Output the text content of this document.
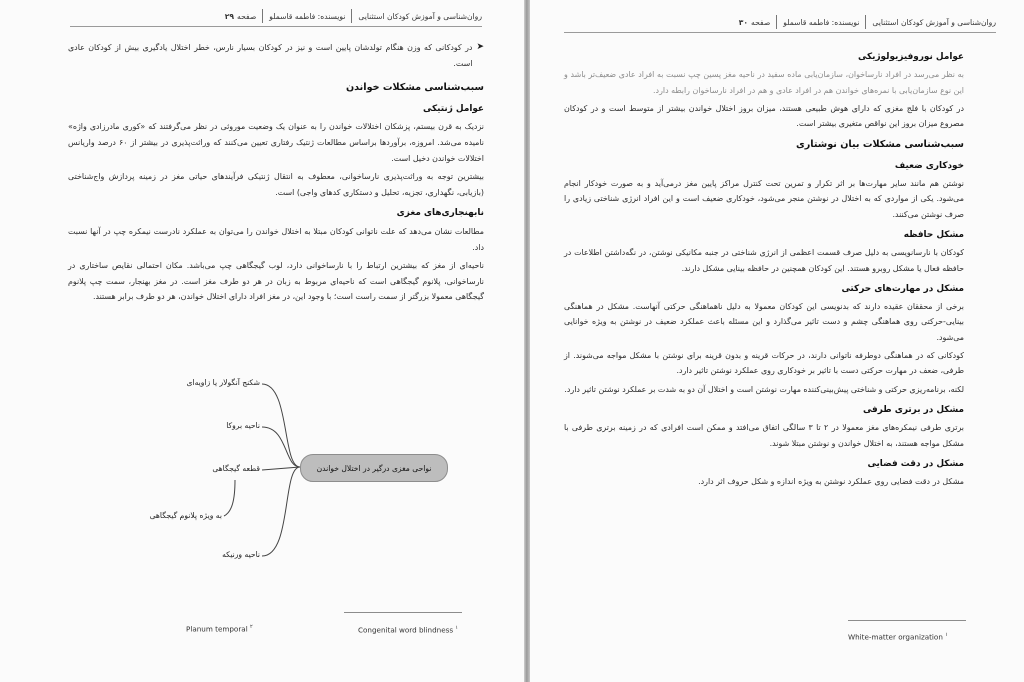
روان‌شناسی و آموزش کودکان استثنایی
نویسنده: فاطمه قاسملو
صفحه
۲۹
➤

در کودکانی که وزن هنگام تولدشان پایین است و نیز در کودکان بسیار نارس، خطر اختلال یادگیری بیش از کودکان عادی است.

سبب‌شناسی مشکلات خواندن
عوامل ژنتیکی

نزدیک به قرن بیستم، پزشکان اختلالات خواندن را به عنوان یک وضعیت موروثی در نظر می‌گرفتند که «کوری مادرزادی واژه» نامیده می‌شد. امروزه، برآوردها براساس مطالعات ژنتیک رفتاری تعیین می‌کنند که وراثت‌پذیری در بیشتر از ۶۰ درصد واریانس اختلالات خواندن دخیل است.

بیشترین توجه به وراثت‌پذیری نارساخوانی، معطوف به انتقال ژنتیکی فرآیندهای حیاتی مغز در زمینه پردازش واج‌شناختی (بازیابی، نگهداری، تجزیه، تحلیل و دستکاری کدهای واجی) است.

نابهنجاری‌های مغزی

مطالعات نشان می‌دهد که علت ناتوانی کودکان مبتلا به اختلال خواندن را می‌توان به عملکرد نادرست نیمکره چپ در آنها نسبت داد.

ناحیه‌ای از مغز که بیشترین ارتباط را با نارساخوانی دارد، لوب گیجگاهی چپ می‌باشد. مکان احتمالی نقایص ساختاری در نارساخوانی، پلانوم گیجگاهی است که ناحیه‌ای مربوط به زبان در هر دو طرف مغز است. در مغز بهنجار، سمت چپ پلانوم گیجگاهی معمولا بزرگتر از سمت راست است؛ با وجود این، در مغز افراد دارای اختلال خواندن، هر دو طرف برابر هستند.

نواحی مغزی درگیر در اختلال خواندن
شکنج آنگولار یا زاویه‌ای
ناحیه بروکا
قطعه گیجگاهی
به ویژه پلانوم گیجگاهی
ناحیه ورنیکه
Congenital word blindness $^۱$
Planum temporal $^۲$
روان‌شناسی و آموزش کودکان استثنایی
نویسنده: فاطمه قاسملو
صفحه
۳۰
عوامل نوروفیزیولوژیکی

به نظر می‌رسد در افراد نارساخوان، سازمان‌یابی ماده سفید در ناحیه مغز پسین چپ نسبت به افراد عادی ضعیف‌تر باشد و این نوع سازمان‌یابی با نمره‌های خواندن هم در افراد عادی و هم در افراد نارساخوان رابطه دارد.

در کودکان با فلج مغزی که دارای هوش طبیعی هستند، میزان بروز اختلال خواندن بیشتر از متوسط است و در کودکان مصروع میزان بروز این نواقص متغیری بیشتر است.

سبب‌شناسی مشکلات بیان نوشتاری
خودکاری ضعیف

نوشتن هم مانند سایر مهارت‌ها بر اثر تکرار و تمرین تحت کنترل مراکز پایین مغز درمی‌آید و به صورت خودکار انجام می‌شود. یکی از مواردی که به اختلال در نوشتن منجر می‌شود، خودکاری ضعیف است و این افراد انرژی شناختی زیادی را صرف نوشتن می‌کنند.

مشکل حافظه

کودکان با نارسانویسی به دلیل صرف قسمت اعظمی از انرژی شناختی در جنبه مکانیکی نوشتن، در نگه‌داشتن اطلاعات در حافظه فعال یا مشکل روبرو هستند. این کودکان همچنین در حافظه بینایی مشکل دارند.

مشکل در مهارت‌های حرکتی

برخی از محققان عقیده دارند که بدنویسی این کودکان معمولا به دلیل ناهماهنگی حرکتی آنهاست. مشکل در هماهنگی بینایی-حرکتی روی هماهنگی چشم و دست تاثیر می‌گذارد و این مسئله باعث عملکرد ضعیف در نوشتن به ویژه خوانایی می‌شود.

کودکانی که در هماهنگی دوطرفه ناتوانی دارند، در حرکات قرینه و بدون قرینه برای نوشتن با مشکل مواجه می‌شوند. از طرفی، ضعف در مهارت حرکتی دست با تاثیر بر خودکاری روی عملکرد نوشتن تاثیر دارد.

لکنه، برنامه‌ریزی حرکتی و شناختی پیش‌بینی‌کننده مهارت نوشتن است و اختلال آن دو به شدت بر عملکرد نوشتن تاثیر دارد.

مشکل در برتری طرفی

برتری طرفی نیمکره‌های مغز معمولا در ۲ تا ۳ سالگی اتفاق می‌افتد و ممکن است افرادی که در زمینه برتری طرفی با مشکل مواجه هستند، به اختلال خواندن و نوشتن مبتلا شوند.

مشکل در دقت فضایی

مشکل در دقت فضایی روی عملکرد نوشتن به ویژه اندازه و شکل حروف اثر دارد.

White-matter organization $^۱$
